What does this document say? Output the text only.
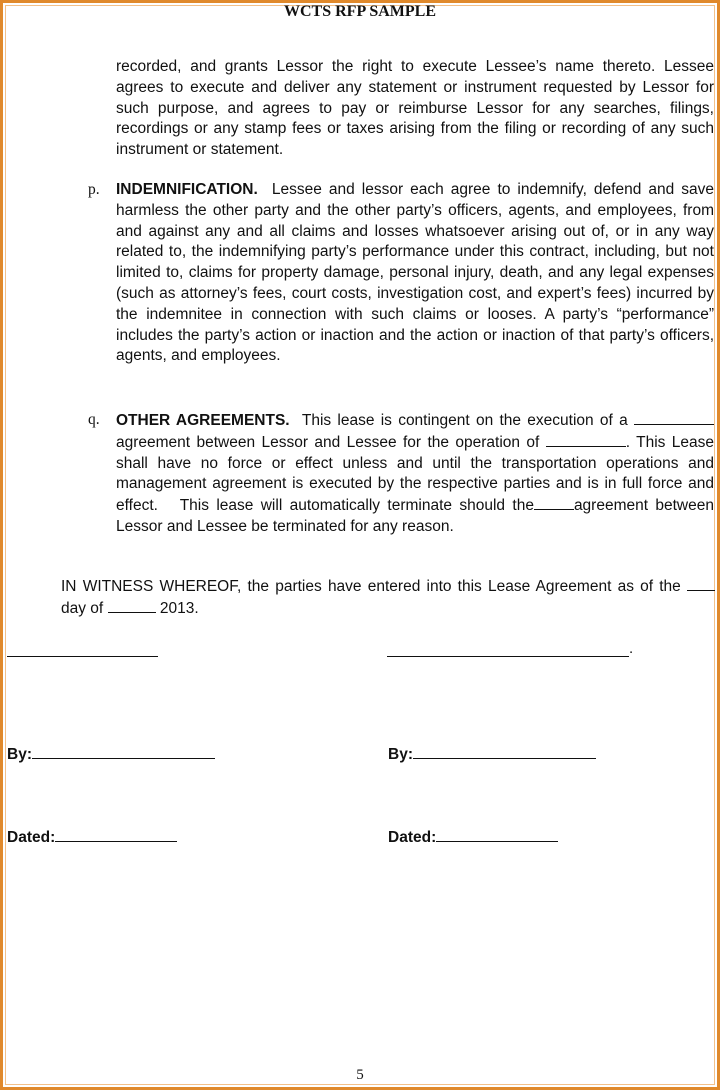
WCTS RFP SAMPLE
recorded, and grants Lessor the right to execute Lessee’s name thereto. Lessee agrees to execute and deliver any statement or instrument requested by Lessor for such purpose, and agrees to pay or reimburse Lessor for any searches, filings, recordings or any stamp fees or taxes arising from the filing or recording of any such instrument or statement.
p. INDEMNIFICATION. Lessee and lessor each agree to indemnify, defend and save harmless the other party and the other party’s officers, agents, and employees, from and against any and all claims and losses whatsoever arising out of, or in any way related to, the indemnifying party’s performance under this contract, including, but not limited to, claims for property damage, personal injury, death, and any legal expenses (such as attorney’s fees, court costs, investigation cost, and expert’s fees) incurred by the indemnitee in connection with such claims or looses. A party’s “performance” includes the party’s action or inaction and the action or inaction of that party’s officers, agents, and employees.

q. OTHER AGREEMENTS. This lease is contingent on the execution of a  agreement between Lessor and Lessee for the operation of	. This Lease shall have no force or effect unless and until the transportation operations and management agreement is executed by the respective parties and is in full force and effect. This lease will automatically terminate should the	agreement between Lessor and Lessee be terminated for any reason.

IN WITNESS WHEREOF, the parties have entered into this Lease Agreement as of the  day of	2013.
.
By:	By:
Dated:	Dated:
5
